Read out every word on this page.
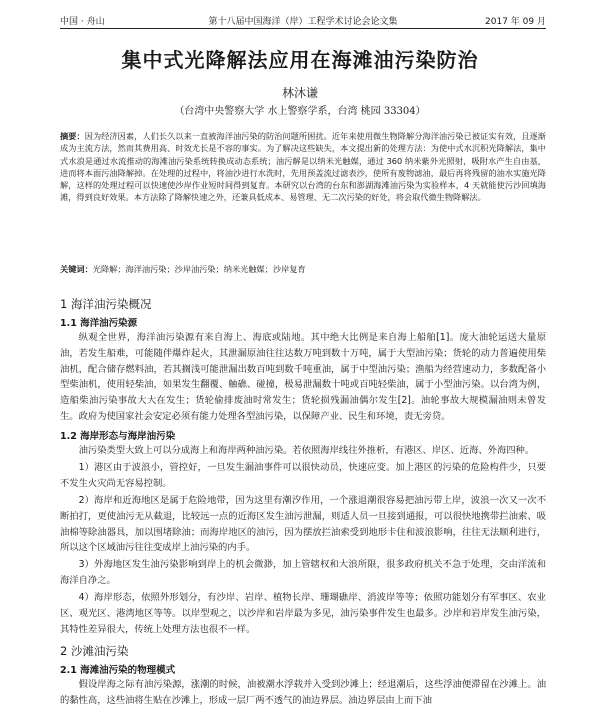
中国 · 舟山	第十八届中国海洋（岸）工程学术讨论会论文集	2017 年 09 月
集中式光降解法应用在海滩油污染防治
林沐谦
（台湾中央警察大学 水上警察学系，台湾 桃园 33304）
摘要：因为经济因素，人们长久以来一直被海洋油污染的防治问题所困扰。近年来使用微生物降解分海洋油污染已被证实有效，且逐渐成为主流方法，然而其费用高、时效尤长是不容的事实。为了解决这些缺失，本文提出新的处理方法：为使中式水沉积光降解法，集中式水浪是通过水流推动的海滩油污染系统转换成动态系统；油污解是以纳米光触媒，通过 360 纳米紫外光照射，吸附水产生自由基，进而将本面污油降解掉。在处理的过程中，将油沙进行水洗时，先用预盖流过滤表沙，使所有废物滤油，最后再将残留的油水实施光降解，这样的处理过程可以快速使沙岸作业短时间得到复育。本研究以台湾的台东和澎湖海滩油污染为实验样本，4 天就能使污沙回填海滩，得到良好效果。本方法除了降解快速之外，还兼具低成本、易管理、无二次污染的好处，将会取代微生物降解法。
关键词：光降解；海洋油污染；沙岸油污染；纳米光触媒；沙岸复育
1 海洋油污染概况
1.1 海洋油污染源
纵观全世界，海洋油污染源有来自海上、海底或陆地。其中绝大比例是来自海上船舶[1]。庞大油轮运送大量原油，若发生船难，可能随伴爆炸起火，其泄漏原油往往达数万吨到数十万吨，属于大型油污染；货轮的动力普遍使用柴油机，配合储存燃料油，若其搁浅可能泄漏出数百吨到数千吨重油，属于中型油污染；渔船为经营速动力，多数配备小型柴油机，使用轻柴油，如果发生翻覆、触礁、碰撞，极易泄漏数十吨或百吨轻柴油，属于小型油污染。以台湾为例，造船柴油污染事故大大在发生；货轮偷排废油时常发生；货轮损残漏油偶尔发生[2]。油轮事故大规模漏油则未曾发生。政府为使国家社会安定必须有能力处理各型油污染，以保障产业、民生和环境，责无旁贷。
1.2 海岸形态与海岸油污染
油污染类型大致上可以分成海上和海岸两种油污染。若依照海岸线往外推析，有港区、岸区、近海、外海四种。
1）港区由于波浪小，管控好，一旦发生漏油事件可以很快动员，快速应变。加上港区的污染的危险构件少，只要不发生火灾尚无容易控制。
2）海岸和近海地区是属于危险地带，因为这里有潮汐作用，一个涨退潮很容易把油污带上岸，波浪一次又一次不断拍打，更使油污无从截退，比较远一点的近海区发生油污泄漏，则适人员一旦接到通报，可以很快地携带拦油索、吸油棉等除油器具，加以围堵除油；而海岸地区的油污，因为摆放拦油索受到地形卡住和波浪影响，往往无法顺利进行，所以这个区域油污往往变成岸上油污染的内手。
3）外海地区发生油污染影响到岸上的机会微渺，加上管辖权和大浪所限，很多政府机关不急于处理，交由洋流和海洋自净之。
4）海岸形态，依照外形划分，有沙岸、岩岸、植物长岸、珊瑚礁岸、消波岸等等；依照功能划分有军事区、农业区、观光区、港湾地区等等。以岸型观之，以沙岸和岩岸最为多见，油污染事件发生也最多。沙岸和岩岸发生油污染，其特性差异很大，传统上处理方法也很不一样。
2 沙滩油污染
2.1 海滩油污染的物理模式
假设岸海之际有油污染源，涨潮的时候，油被潮水浮载并入受到沙滩上；经退潮后，这些浮油便滞留在沙滩上。油的黏性高，这些油将生贴在沙滩上，形成一层厂两不透气的油边界层。油边界层由上而下油
